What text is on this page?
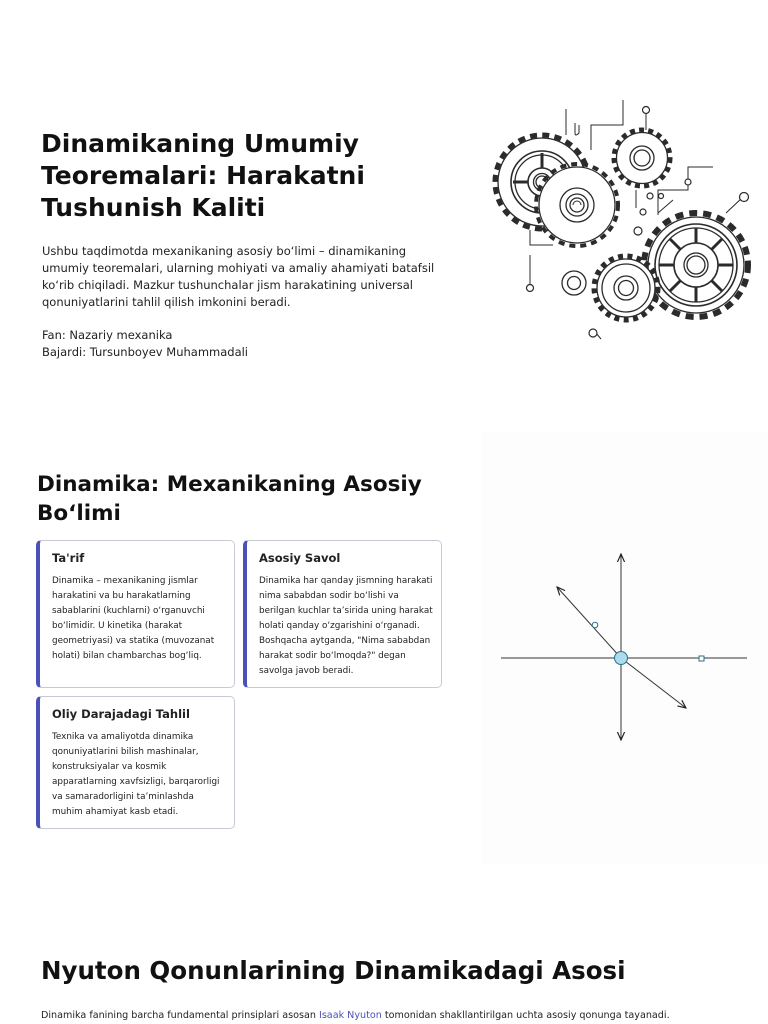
Dinamikaning Umumiy Teoremalari: Harakatni Tushunish Kaliti

Ushbu taqdimotda mexanikaning asosiy bo‘limi – dinamikaning umumiy teoremalari, ularning mohiyati va amaliy ahamiyati batafsil ko‘rib chiqiladi. Mazkur tushunchalar jism harakatining universal qonuniyatlarini tahlil qilish imkonini beradi.

Fan: Nazariy mexanika
Bajardi: Tursunboyev Muhammadali
Dinamika: Mexanikaning Asosiy Bo‘limi
Ta'rif

Dinamika – mexanikaning jismlar harakatini va bu harakatlarning sabablarini (kuchlarni) o‘rganuvchi bo‘limidir. U kinetika (harakat geometriyasi) va statika (muvozanat holati) bilan chambarchas bog‘liq.

Asosiy Savol

Dinamika har qanday jismning harakati nima sababdan sodir bo‘lishi va berilgan kuchlar ta’sirida uning harakat holati qanday o‘zgarishini o‘rganadi. Boshqacha aytganda, "Nima sababdan harakat sodir bo‘lmoqda?" degan savolga javob beradi.

Oliy Darajadagi Tahlil

Texnika va amaliyotda dinamika qonuniyatlarini bilish mashinalar, konstruksiyalar va kosmik apparatlarning xavfsizligi, barqarorligi va samaradorligini ta’minlashda muhim ahamiyat kasb etadi.

Nyuton Qonunlarining Dinamikadagi Asosi

Dinamika fanining barcha fundamental prinsiplari asosan Isaak Nyuton tomonidan shakllantirilgan uchta asosiy qonunga tayanadi.
